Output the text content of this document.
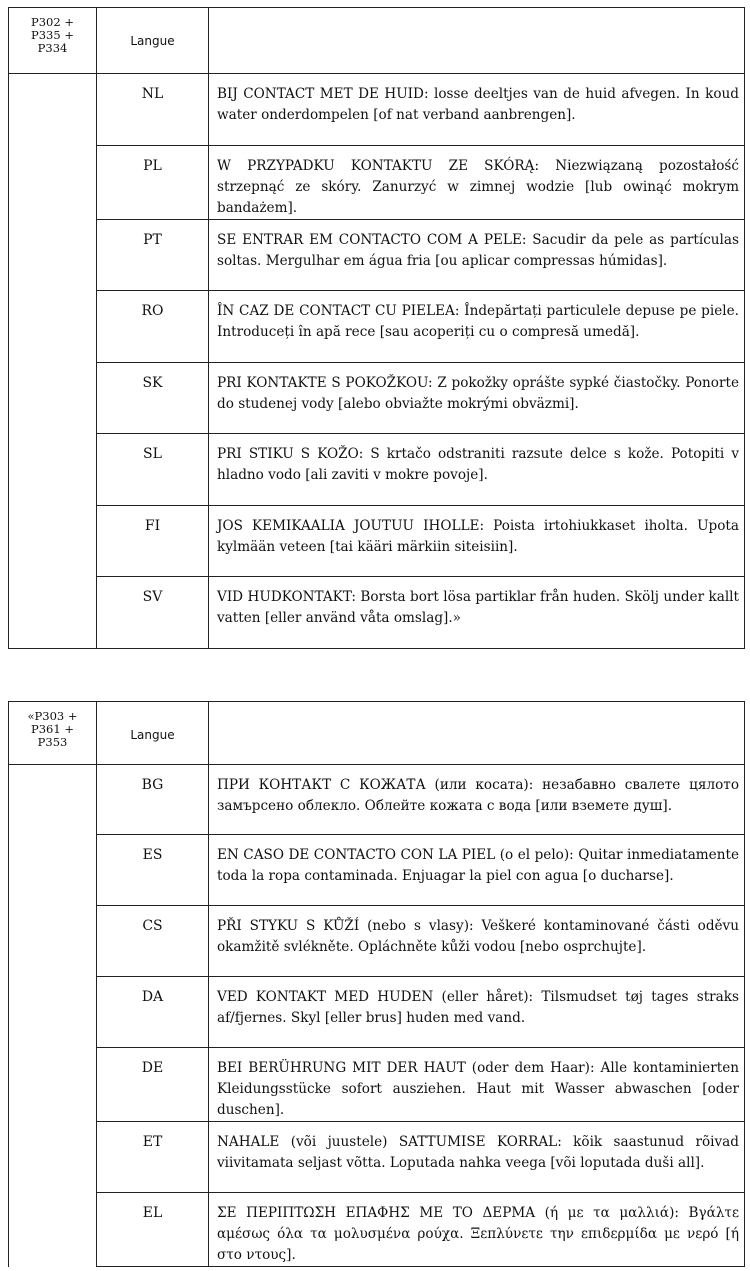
P302 +
P335 +
P334	Langue	
	NL	BIJ CONTACT MET DE HUID: losse deeltjes van de huid afvegen. In koud water onderdompelen [of nat verband aanbrengen].
	PL	W PRZYPADKU KONTAKTU ZE SKÓRĄ: Niezwiązaną pozostałość strzepnąć ze skóry. Zanurzyć w zimnej wodzie [lub owinąć mokrym bandażem].
	PT	SE ENTRAR EM CONTACTO COM A PELE: Sacudir da pele as partículas soltas. Mergulhar em água fria [ou aplicar compressas húmidas].
	RO	ÎN CAZ DE CONTACT CU PIELEA: Îndepărtați particulele depuse pe piele. Introduceți în apă rece [sau acoperiți cu o compresă umedă].
	SK	PRI KONTAKTE S POKOŽKOU: Z pokožky oprášte sypké čiastočky. Ponorte do studenej vody [alebo obviažte mokrými obväzmi].
	SL	PRI STIKU S KOŽO: S krtačo odstraniti razsute delce s kože. Potopiti v hladno vodo [ali zaviti v mokre povoje].
	FI	JOS KEMIKAALIA JOUTUU IHOLLE: Poista irtohiukkaset iholta. Upota kylmään veteen [tai kääri märkiin siteisiin].
	SV	VID HUDKONTAKT: Borsta bort lösa partiklar från huden. Skölj under kallt vatten [eller använd våta omslag].»
«P303 +
P361 +
P353	Langue	
	BG	ПРИ КОНТАКТ С КОЖАТА (или косата): незабавно свалете цялото замърсено облекло. Облейте кожата с вода [или вземете душ].
	ES	EN CASO DE CONTACTO CON LA PIEL (o el pelo): Quitar inmediatamente toda la ropa contaminada. Enjuagar la piel con agua [o ducharse].
	CS	PŘI STYKU S KŮŽÍ (nebo s vlasy): Veškeré kontaminované části oděvu okamžitě svlékněte. Opláchněte kůži vodou [nebo osprchujte].
	DA	VED KONTAKT MED HUDEN (eller håret): Tilsmudset tøj tages straks af/fjernes. Skyl [eller brus] huden med vand.
	DE	BEI BERÜHRUNG MIT DER HAUT (oder dem Haar): Alle kontaminierten Kleidungsstücke sofort ausziehen. Haut mit Wasser abwaschen [oder duschen].
	ET	NAHALE (või juustele) SATTUMISE KORRAL: kõik saastunud rõivad viivitamata seljast võtta. Loputada nahka veega [või loputada duši all].
	EL	ΣΕ ΠΕΡΙΠΤΩΣΗ ΕΠΑΦΗΣ ΜΕ ΤΟ ΔΕΡΜΑ (ή με τα μαλλιά): Βγάλτε αμέσως όλα τα μολυσμένα ρούχα. Ξεπλύνετε την επιδερμίδα με νερό [ή στο ντους].
